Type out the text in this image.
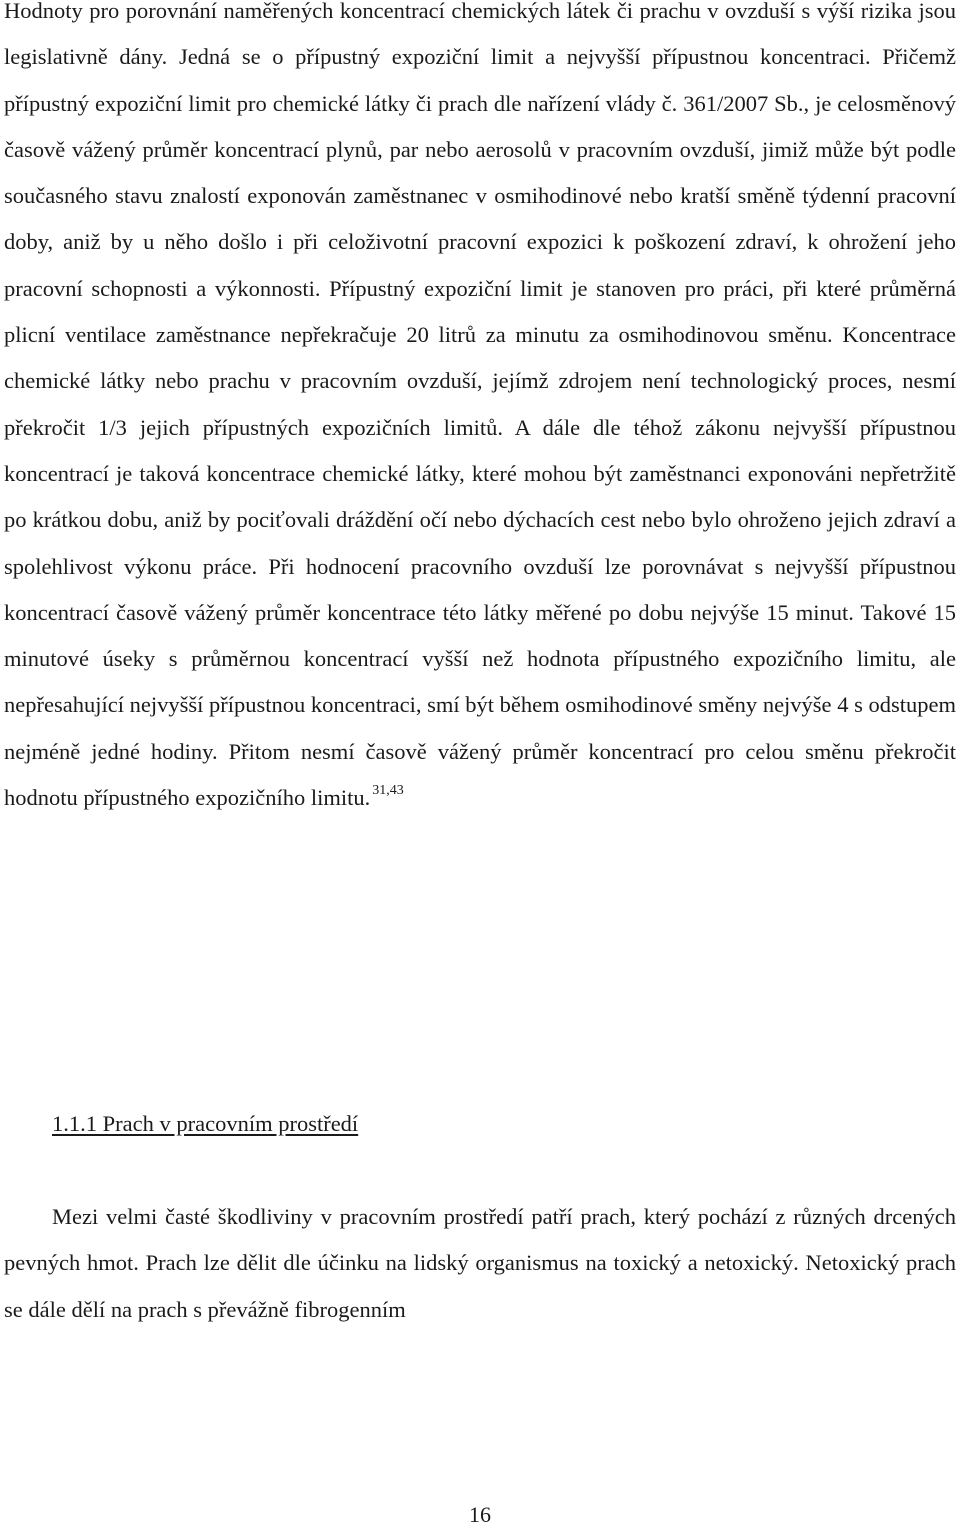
Hodnoty pro porovnání naměřených koncentrací chemických látek či prachu v ovzduší s výší rizika jsou legislativně dány. Jedná se o přípustný expoziční limit a nejvyšší přípustnou koncentraci. Přičemž přípustný expoziční limit pro chemické látky či prach dle nařízení vlády č. 361/2007 Sb., je celosměnový časově vážený průměr koncentrací plynů, par nebo aerosolů v pracovním ovzduší, jimiž může být podle současného stavu znalostí exponován zaměstnanec v osmihodinové nebo kratší směně týdenní pracovní doby, aniž by u něho došlo i při celoživotní pracovní expozici k poškození zdraví, k ohrožení jeho pracovní schopnosti a výkonnosti. Přípustný expoziční limit je stanoven pro práci, při které průměrná plicní ventilace zaměstnance nepřekračuje 20 litrů za minutu za osmihodinovou směnu. Koncentrace chemické látky nebo prachu v pracovním ovzduší, jejímž zdrojem není technologický proces, nesmí překročit 1/3 jejich přípustných expozičních limitů. A dále dle téhož zákonu nejvyšší přípustnou koncentrací je taková koncentrace chemické látky, které mohou být zaměstnanci exponováni nepřetržitě po krátkou dobu, aniž by pociťovali dráždění očí nebo dýchacích cest nebo bylo ohroženo jejich zdraví a spolehlivost výkonu práce. Při hodnocení pracovního ovzduší lze porovnávat s nejvyšší přípustnou koncentrací časově vážený průměr koncentrace této látky měřené po dobu nejvýše 15 minut. Takové 15 minutové úseky s průměrnou koncentrací vyšší než hodnota přípustného expozičního limitu, ale nepřesahující nejvyšší přípustnou koncentraci, smí být během osmihodinové směny nejvýše 4 s odstupem nejméně jedné hodiny. Přitom nesmí časově vážený průměr koncentrací pro celou směnu překročit hodnotu přípustného expozičního limitu. $^{31,43}$

1.1.1 Prach v pracovním prostředí

Mezi velmi časté škodliviny v pracovním prostředí patří prach, který pochází z různých drcených pevných hmot. Prach lze dělit dle účinku na lidský organismus na toxický a netoxický. Netoxický prach se dále dělí na prach s převážně fibrogenním

16
